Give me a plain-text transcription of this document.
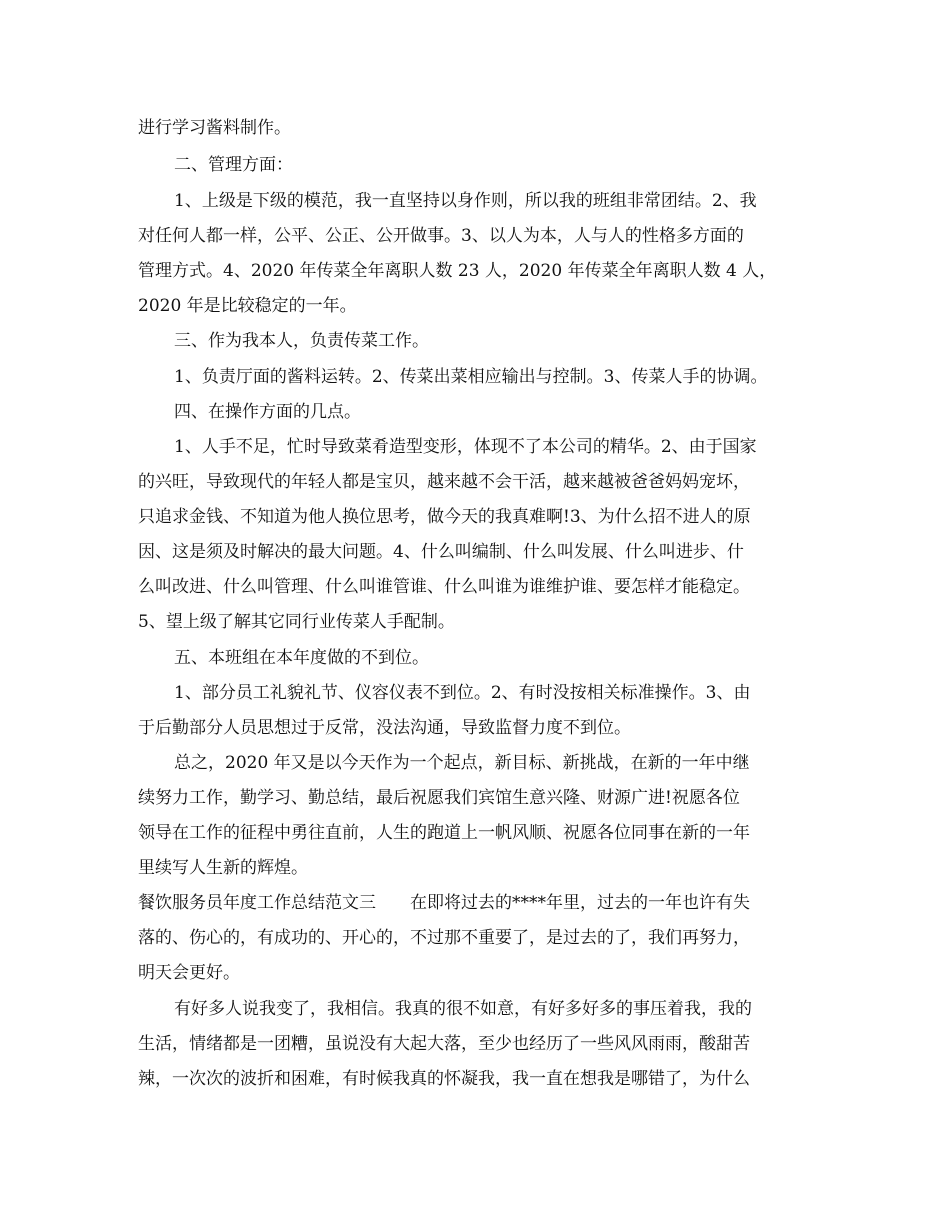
进行学习酱料制作。
二、管理方面：
1、上级是下级的模范，我一直坚持以身作则，所以我的班组非常团结。2、我
对任何人都一样，公平、公正、公开做事。3、以人为本，人与人的性格多方面的
管理方式。4、2020 年传菜全年离职人数 23 人，2020 年传菜全年离职人数 4 人，
2020 年是比较稳定的一年。
三、作为我本人，负责传菜工作。
1、负责厅面的酱料运转。2、传菜出菜相应输出与控制。3、传菜人手的协调。
四、在操作方面的几点。
1、人手不足，忙时导致菜肴造型变形，体现不了本公司的精华。2、由于国家
的兴旺，导致现代的年轻人都是宝贝，越来越不会干活，越来越被爸爸妈妈宠坏，
只追求金钱、不知道为他人换位思考，做今天的我真难啊!3、为什么招不进人的原
因、这是须及时解决的最大问题。4、什么叫编制、什么叫发展、什么叫进步、什
么叫改进、什么叫管理、什么叫谁管谁、什么叫谁为谁维护谁、要怎样才能稳定。
5、望上级了解其它同行业传菜人手配制。
五、本班组在本年度做的不到位。
1、部分员工礼貌礼节、仪容仪表不到位。2、有时没按相关标准操作。3、由
于后勤部分人员思想过于反常，没法沟通，导致监督力度不到位。
总之，2020 年又是以今天作为一个起点，新目标、新挑战，在新的一年中继
续努力工作，勤学习、勤总结，最后祝愿我们宾馆生意兴隆、财源广进!祝愿各位
领导在工作的征程中勇往直前，人生的跑道上一帆风顺、祝愿各位同事在新的一年
里续写人生新的辉煌。
餐饮服务员年度工作总结范文三　　在即将过去的****年里，过去的一年也许有失
落的、伤心的，有成功的、开心的，不过那不重要了，是过去的了，我们再努力，
明天会更好。
有好多人说我变了，我相信。我真的很不如意，有好多好多的事压着我，我的
生活，情绪都是一团糟，虽说没有大起大落，至少也经历了一些风风雨雨，酸甜苦
辣，一次次的波折和困难，有时候我真的怀凝我，我一直在想我是哪错了，为什么
